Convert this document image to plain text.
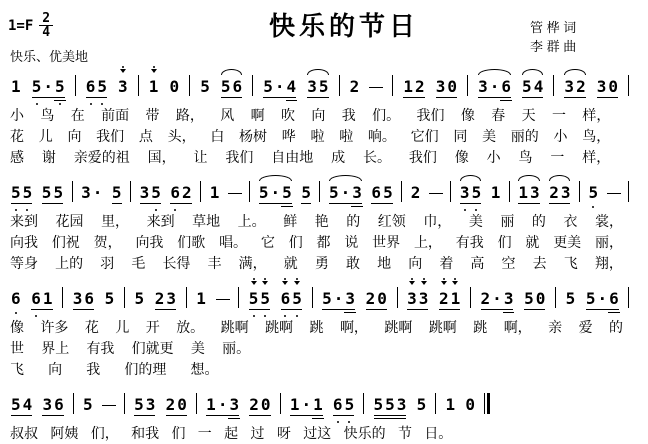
$1=F \frac{2}{4}$	快乐的节日	管 桦 词
李 群 曲
快乐、优美地
1 5 · 5 6 5 3 1 0 5 5 6 5 · 4 3 5 2	1 2 3 0 3 · 6 5 4 3 2 3 0
小 鸟 在 前面 带 路， 风 啊 吹 向 我 们。 我们 像 春 天 一 样，
花 儿 向 我们 点 头， 白 杨树 哗 啦 啦 响。 它们 同 美 丽的 小 鸟，
感 谢 亲爱的祖 国， 让 我们 自由地 成 长。 我们 像 小 鸟 一 样，
5 5 5 5 3 · 5 3 5 6 2 1 5 · 5 5 5 · 3 6 5 2 3 5 1 1 3 2 3 5
来到 花园 里， 来到 草地 上。 鲜 艳 的 红领 巾， 美 丽 的 衣 裳，
向我 们祝 贺， 向我 们歌 唱。 它 们 都 说 世界 上， 有我 们 就 更美 丽，
等身 上的 羽 毛 长得 丰 满， 就 勇 敢 地 向 着 高 空 去 飞 翔，
6 6 1 3 6 5 5 2 3 1	5 5 6 5 5 · 3 2 0 3 3 2 1 2 · 3 5 0 5 5 · 6
像 许多 花 儿 开 放。 跳啊 跳啊 跳 啊， 跳啊 跳啊 跳 啊， 亲 爱 的
世 界上 有我 们就更 美 丽。
飞 向 我 们的理 想。
5 4 3 6 5	5 3 2 0 1 · 3 2 0 1 · 1 6 5 5 5 3 5 1 0
叔叔 阿姨 们， 和我 们 一 起 过 呀 过这 快乐的 节 日。
